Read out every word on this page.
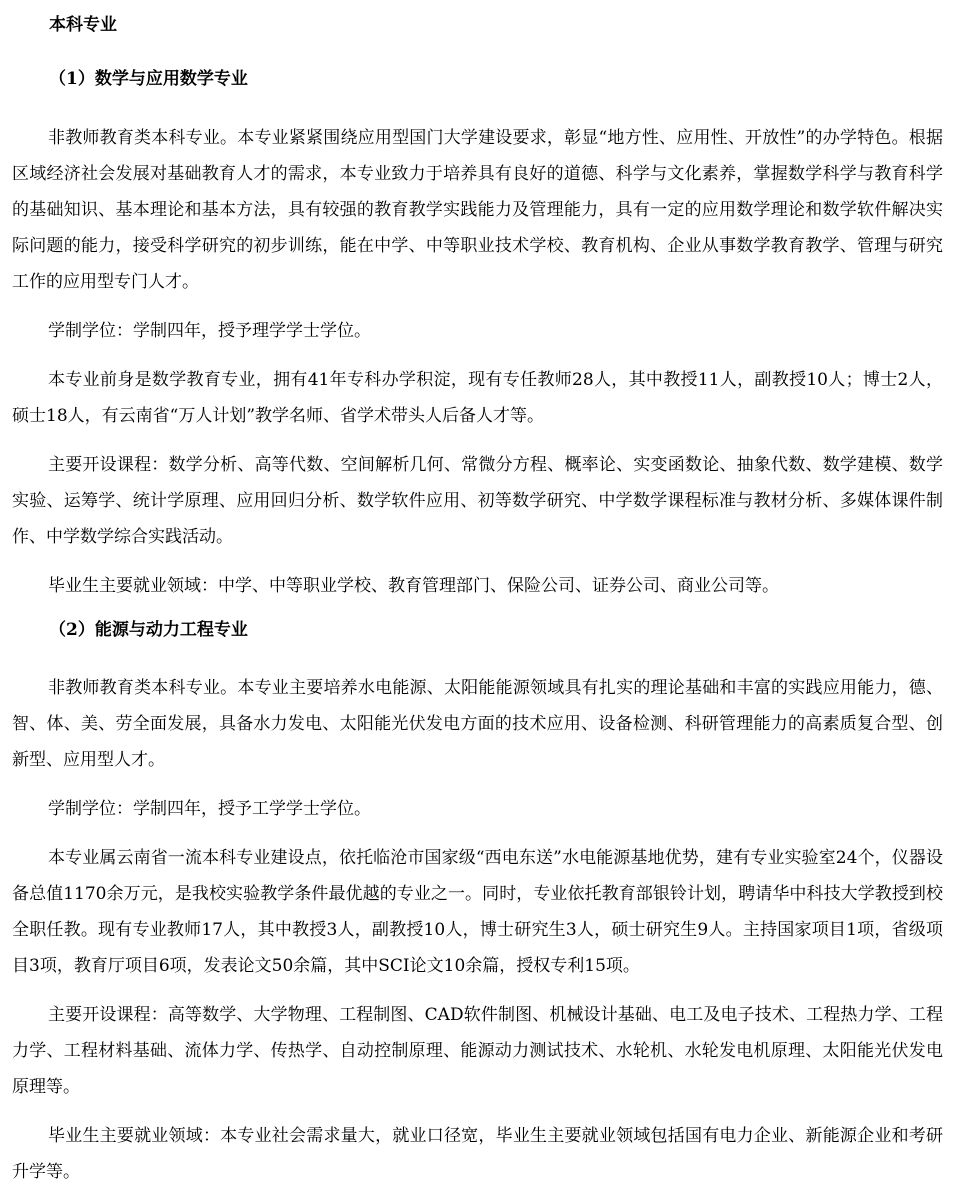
本科专业
（1）数学与应用数学专业

非教师教育类本科专业。本专业紧紧围绕应用型国门大学建设要求，彰显“地方性、应用性、开放性”的办学特色。根据区域经济社会发展对基础教育人才的需求，本专业致力于培养具有良好的道德、科学与文化素养，掌握数学科学与教育科学的基础知识、基本理论和基本方法，具有较强的教育教学实践能力及管理能力，具有一定的应用数学理论和数学软件解决实际问题的能力，接受科学研究的初步训练，能在中学、中等职业技术学校、教育机构、企业从事数学教育教学、管理与研究工作的应用型专门人才。

学制学位：学制四年，授予理学学士学位。

本专业前身是数学教育专业，拥有41年专科办学积淀，现有专任教师28人，其中教授11人，副教授10人；博士2人，硕士18人，有云南省“万人计划”教学名师、省学术带头人后备人才等。

主要开设课程：数学分析、高等代数、空间解析几何、常微分方程、概率论、实变函数论、抽象代数、数学建模、数学实验、运筹学、统计学原理、应用回归分析、数学软件应用、初等数学研究、中学数学课程标准与教材分析、多媒体课件制作、中学数学综合实践活动。

毕业生主要就业领域：中学、中等职业学校、教育管理部门、保险公司、证券公司、商业公司等。

（2）能源与动力工程专业

非教师教育类本科专业。本专业主要培养水电能源、太阳能能源领域具有扎实的理论基础和丰富的实践应用能力，德、智、体、美、劳全面发展，具备水力发电、太阳能光伏发电方面的技术应用、设备检测、科研管理能力的高素质复合型、创新型、应用型人才。

学制学位：学制四年，授予工学学士学位。

本专业属云南省一流本科专业建设点，依托临沧市国家级“西电东送”水电能源基地优势，建有专业实验室24个，仪器设备总值1170余万元，是我校实验教学条件最优越的专业之一。同时，专业依托教育部银铃计划，聘请华中科技大学教授到校全职任教。现有专业教师17人，其中教授3人，副教授10人，博士研究生3人，硕士研究生9人。主持国家项目1项，省级项目3项，教育厅项目6项，发表论文50余篇，其中SCI论文10余篇，授权专利15项。

主要开设课程：高等数学、大学物理、工程制图、CAD软件制图、机械设计基础、电工及电子技术、工程热力学、工程力学、工程材料基础、流体力学、传热学、自动控制原理、能源动力测试技术、水轮机、水轮发电机原理、太阳能光伏发电原理等。

毕业生主要就业领域：本专业社会需求量大，就业口径宽，毕业生主要就业领域包括国有电力企业、新能源企业和考研升学等。
